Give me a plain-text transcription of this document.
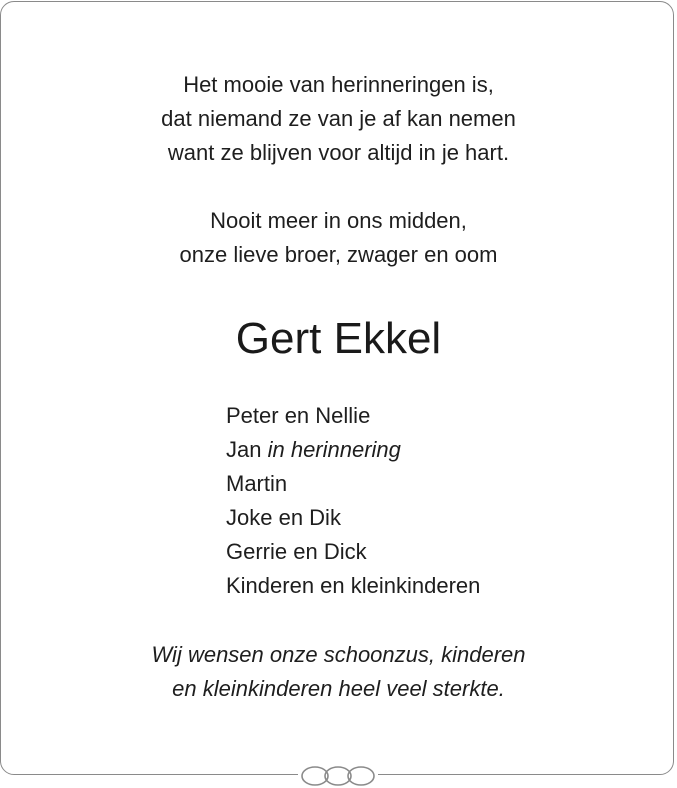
Het mooie van herinneringen is,
dat niemand ze van je af kan nemen
want ze blijven voor altijd in je hart.
Nooit meer in ons midden,
onze lieve broer, zwager en oom
Gert Ekkel
Peter en Nellie
Jan in herinnering
Martin
Joke en Dik
Gerrie en Dick
Kinderen en kleinkinderen
Wij wensen onze schoonzus, kinderen
en kleinkinderen heel veel sterkte.
